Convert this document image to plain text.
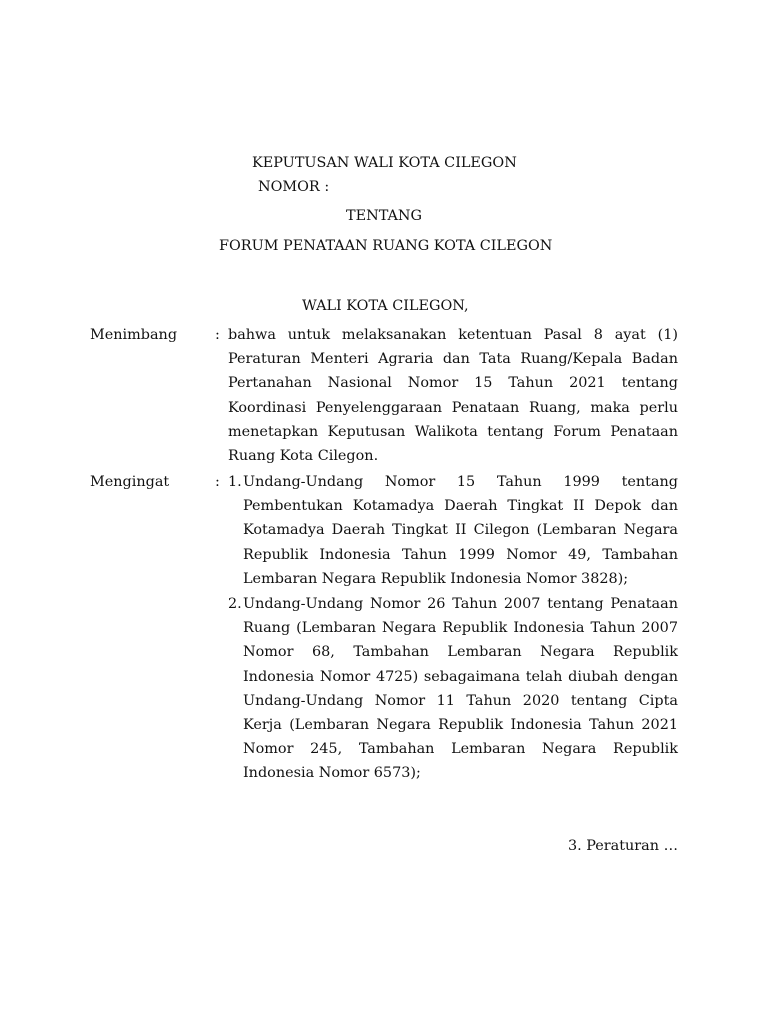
KEPUTUSAN WALI KOTA CILEGON
NOMOR :
TENTANG
FORUM PENATAAN RUANG KOTA CILEGON
WALI KOTA CILEGON,
Menimbang	: bahwa untuk melaksanakan ketentuan Pasal 8 ayat (1) Peraturan Menteri Agraria dan Tata Ruang/Kepala Badan Pertanahan Nasional Nomor 15 Tahun 2021 tentang Koordinasi Penyelenggaraan Penataan Ruang, maka perlu menetapkan Keputusan Walikota tentang Forum Penataan Ruang Kota Cilegon.

Mengingat	: 1. Undang-Undang Nomor 15 Tahun 1999 tentang Pembentukan Kotamadya Daerah Tingkat II Depok dan Kotamadya Daerah Tingkat II Cilegon (Lembaran Negara Republik Indonesia Tahun 1999 Nomor 49, Tambahan Lembaran Negara Republik Indonesia Nomor 3828);

2. Undang-Undang Nomor 26 Tahun 2007 tentang Penataan Ruang (Lembaran Negara Republik Indonesia Tahun 2007 Nomor 68, Tambahan Lembaran Negara Republik Indonesia Nomor 4725) sebagaimana telah diubah dengan Undang-Undang Nomor 11 Tahun 2020 tentang Cipta Kerja (Lembaran Negara Republik Indonesia Tahun 2021 Nomor 245, Tambahan Lembaran Negara Republik Indonesia Nomor 6573);

3. Peraturan …
